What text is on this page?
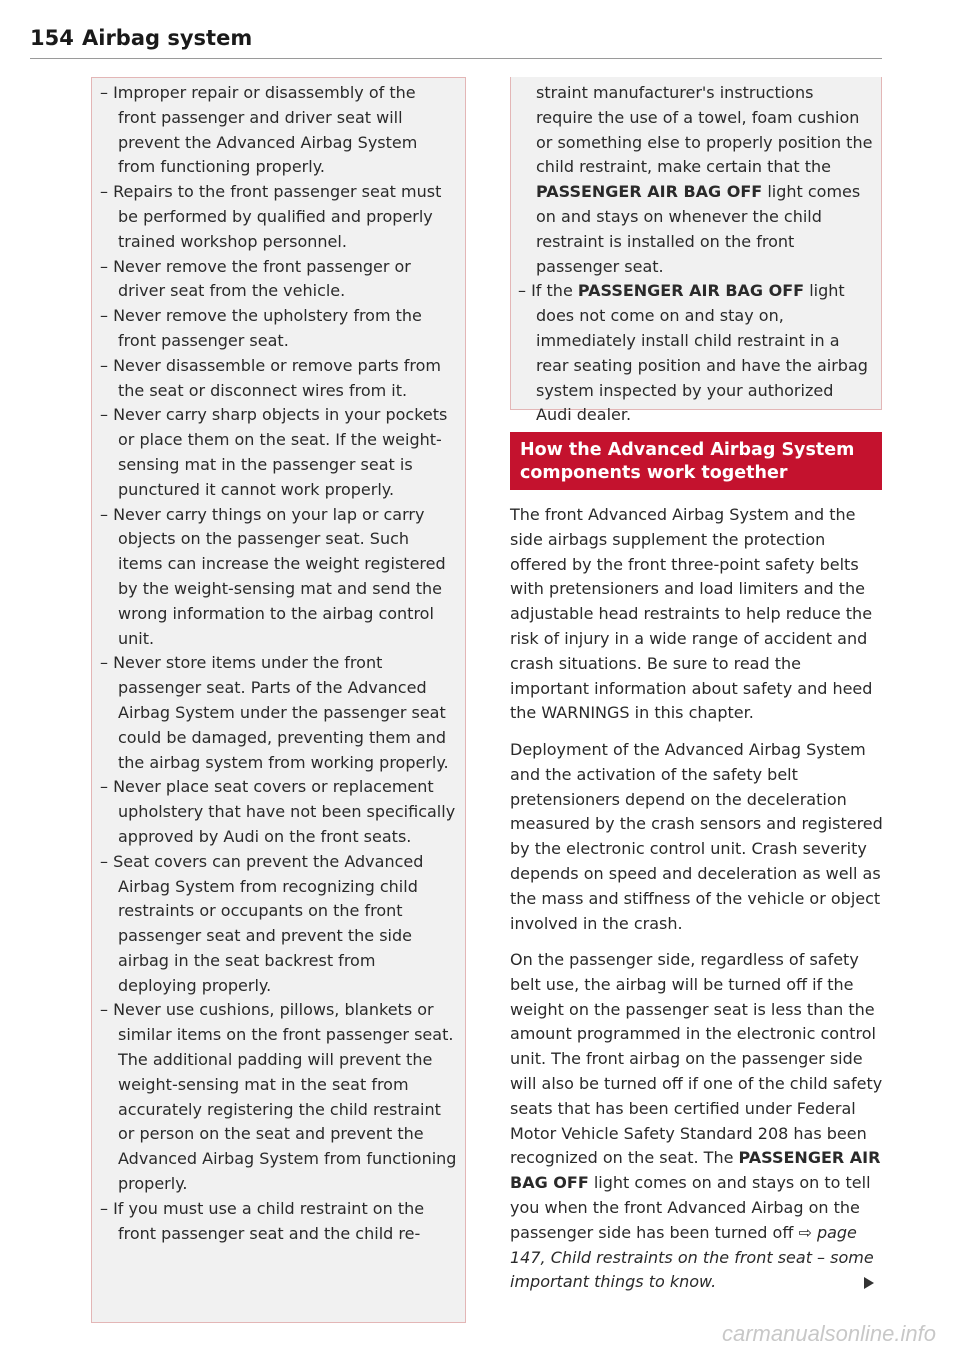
154 Airbag system
– Improper repair or disassembly of the front passenger and driver seat will prevent the Advanced Airbag System from functioning properly.
– Repairs to the front passenger seat must be performed by qualified and properly trained workshop personnel.
– Never remove the front passenger or driver seat from the vehicle.
– Never remove the upholstery from the front passenger seat.
– Never disassemble or remove parts from the seat or disconnect wires from it.
– Never carry sharp objects in your pockets or place them on the seat. If the weight-sensing mat in the passenger seat is punctured it cannot work properly.
– Never carry things on your lap or carry objects on the passenger seat. Such items can increase the weight registered by the weight-sensing mat and send the wrong information to the airbag control unit.
– Never store items under the front passenger seat. Parts of the Advanced Airbag System under the passenger seat could be damaged, preventing them and the airbag system from working properly.
– Never place seat covers or replacement upholstery that have not been specifically approved by Audi on the front seats.
– Seat covers can prevent the Advanced Airbag System from recognizing child restraints or occupants on the front passenger seat and prevent the side airbag in the seat backrest from deploying properly.
– Never use cushions, pillows, blankets or similar items on the front passenger seat. The additional padding will prevent the weight-sensing mat in the seat from accurately registering the child restraint or person on the seat and prevent the Advanced Airbag System from functioning properly.
– If you must use a child restraint on the front passenger seat and the child re-
straint manufacturer's instructions require the use of a towel, foam cushion or something else to properly position the child restraint, make certain that the PASSENGER AIR BAG OFF light comes on and stays on whenever the child restraint is installed on the front passenger seat.
– If the PASSENGER AIR BAG OFF light does not come on and stay on, immediately install child restraint in a rear seating position and have the airbag system inspected by your authorized Audi dealer.
How the Advanced Airbag System components work together

The front Advanced Airbag System and the side airbags supplement the protection offered by the front three-point safety belts with pretensioners and load limiters and the adjustable head restraints to help reduce the risk of injury in a wide range of accident and crash situations. Be sure to read the important information about safety and heed the WARNINGS in this chapter.

Deployment of the Advanced Airbag System and the activation of the safety belt pretensioners depend on the deceleration measured by the crash sensors and registered by the electronic control unit. Crash severity depends on speed and deceleration as well as the mass and stiffness of the vehicle or object involved in the crash.

On the passenger side, regardless of safety belt use, the airbag will be turned off if the weight on the passenger seat is less than the amount programmed in the electronic control unit. The front airbag on the passenger side will also be turned off if one of the child safety seats that has been certified under Federal Motor Vehicle Safety Standard 208 has been recognized on the seat. The PASSENGER AIR BAG OFF light comes on and stays on to tell you when the front Advanced Airbag on the passenger side has been turned off ⇨ page 147, Child restraints on the front seat – some important things to know.

carmanualsonline.info
